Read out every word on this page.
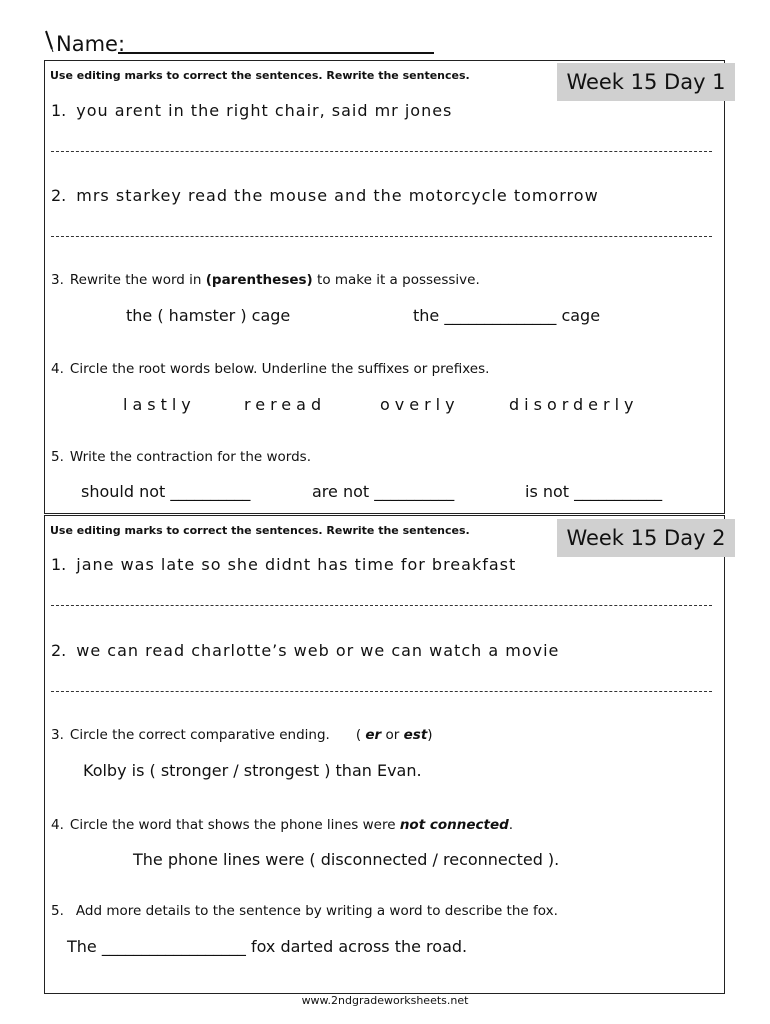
Name:
Use editing marks to correct the sentences. Rewrite the sentences.	Week 15 Day 1
1. you arent in the right chair, said mr jones
2. mrs starkey read the mouse and the motorcycle tomorrow
3. Rewrite the word in (parentheses) to make it a possessive.
the ( hamster ) cage	the ______________ cage
4. Circle the root words below. Underline the suffixes or prefixes.
lastly	reread	overly	disorderly
5. Write the contraction for the words.
should not __________	are not __________	is not ___________
Use editing marks to correct the sentences. Rewrite the sentences.	Week 15 Day 2
1. jane was late so she didnt has time for breakfast
2. we can read charlotte’s web or we can watch a movie
3. Circle the correct comparative ending. ( er or est)
Kolby is ( stronger / strongest ) than Evan.
4. Circle the word that shows the phone lines were not connected.
The phone lines were ( disconnected / reconnected ).
5. Add more details to the sentence by writing a word to describe the fox.
The __________________ fox darted across the road.
www.2ndgradeworksheets.net
